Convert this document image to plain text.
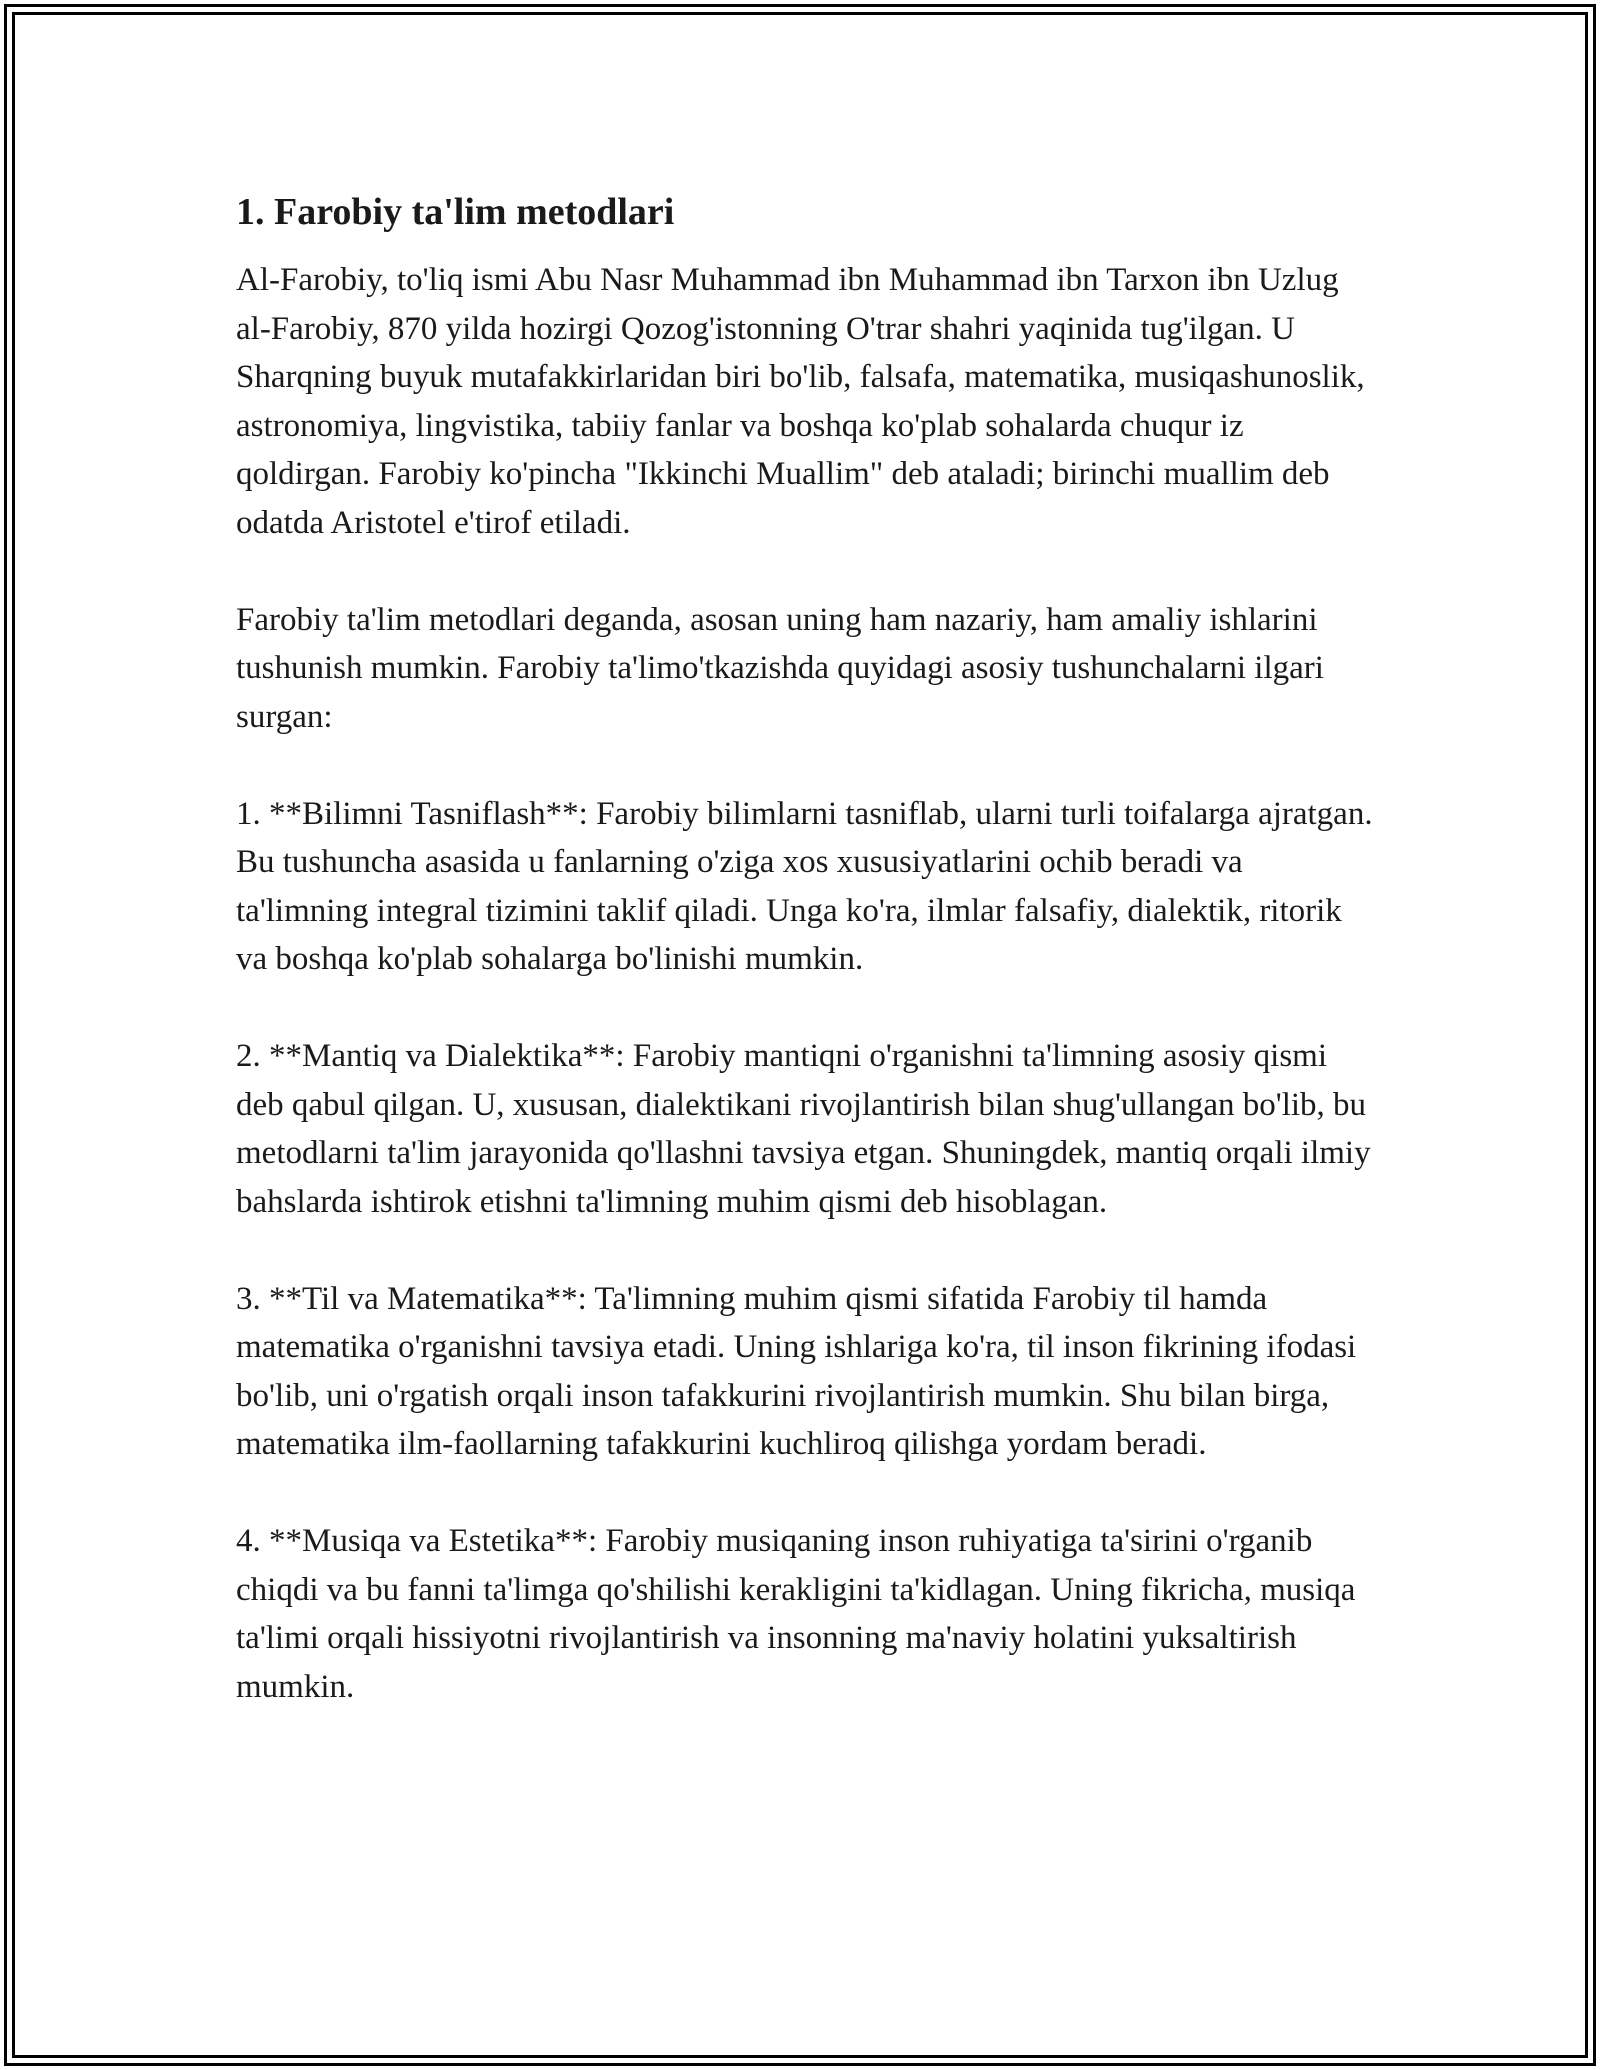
1. Farobiy ta'lim metodlari

Al-Farobiy, to'liq ismi Abu Nasr Muhammad ibn Muhammad ibn Tarxon ibn Uzlug al-Farobiy, 870 yilda hozirgi Qozog'istonning O'trar shahri yaqinida tug'ilgan. U Sharqning buyuk mutafakkirlaridan biri bo'lib, falsafa, matematika, musiqashunoslik, astronomiya, lingvistika, tabiiy fanlar va boshqa ko'plab sohalarda chuqur iz qoldirgan. Farobiy ko'pincha "Ikkinchi Muallim" deb ataladi; birinchi muallim deb odatda Aristotel e'tirof etiladi.

Farobiy ta'lim metodlari deganda, asosan uning ham nazariy, ham amaliy ishlarini tushunish mumkin. Farobiy ta'limo'tkazishda quyidagi asosiy tushunchalarni ilgari surgan:

1. **Bilimni Tasniflash**: Farobiy bilimlarni tasniflab, ularni turli toifalarga ajratgan. Bu tushuncha asasida u fanlarning o'ziga xos xususiyatlarini ochib beradi va ta'limning integral tizimini taklif qiladi. Unga ko'ra, ilmlar falsafiy, dialektik, ritorik va boshqa ko'plab sohalarga bo'linishi mumkin.

2. **Mantiq va Dialektika**: Farobiy mantiqni o'rganishni ta'limning asosiy qismi deb qabul qilgan. U, xususan, dialektikani rivojlantirish bilan shug'ullangan bo'lib, bu metodlarni ta'lim jarayonida qo'llashni tavsiya etgan. Shuningdek, mantiq orqali ilmiy bahslarda ishtirok etishni ta'limning muhim qismi deb hisoblagan.

3. **Til va Matematika**: Ta'limning muhim qismi sifatida Farobiy til hamda matematika o'rganishni tavsiya etadi. Uning ishlariga ko'ra, til inson fikrining ifodasi bo'lib, uni o'rgatish orqali inson tafakkurini rivojlantirish mumkin. Shu bilan birga, matematika ilm-faollarning tafakkurini kuchliroq qilishga yordam beradi.

4. **Musiqa va Estetika**: Farobiy musiqaning inson ruhiyatiga ta'sirini o'rganib chiqdi va bu fanni ta'limga qo'shilishi kerakligini ta'kidlagan. Uning fikricha, musiqa ta'limi orqali hissiyotni rivojlantirish va insonning ma'naviy holatini yuksaltirish mumkin.
